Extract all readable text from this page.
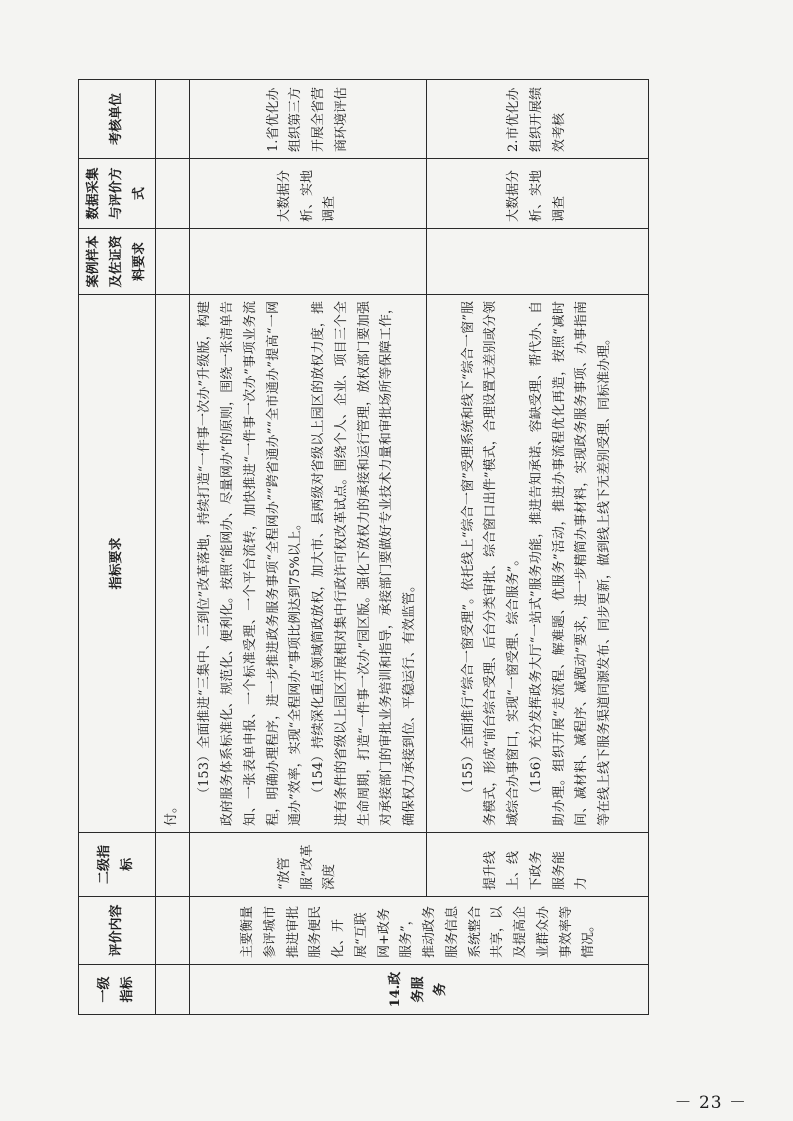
一级指标	评价内容	二级指标	指标要求	案例样本及佐证资料要求	数据采集与评价方式	考核单位
			付。			
14.政务服务	主要衡量参评城市推进审批服务便民化、开展“互联网+政务服务”，推动政务服务信息系统整合共享，以及提高企业群众办事效率等情况。	“放管服”改革深度	（153）全面推进“三集中、三到位”改革落地，持续打造“一件事一次办”升级版，构建政府服务体系标准化、规范化、便利化。按照“能网办、尽量网办”的原则，围绕一张清单告知、一张表单申报、一个标准受理、一个平台流转，加快推进“一件事一次办”事项业务流程，明确办理程序，进一步推进政务服务事项“全程网办”“跨省通办”“全市通办”提高“一网通办”效率，实现“全程网办”事项比例达到75%以上。 （154）持续深化重点领域简政放权，加大市、县两级对省级以上园区的放权力度，推进有条件的省级以上园区开展相对集中行政许可权改革试点。围绕个人、企业、项目三个全生命周期，打造“一件事一次办”园区版。强化下放权力的承接和运行管理，放权部门要加强对承接部门的审批业务培训和指导，承接部门要做好专业技术力量和审批场所等保障工作，确保权力承接到位、平稳运行、有效监管。		大数据分析、实地调查	1.省优化办组织第三方开展全省营商环境评估
		提升线上、线下政务服务能力	（155）全面推行“综合一窗受理”。依托线上“综合一窗”受理系统和线下“综合一窗”服务模式，形成“前台综合受理、后台分类审批、综合窗口出件”模式，合理设置无差别或分领域综合办事窗口，实现“一窗受理、综合服务”。 （156）充分发挥政务大厅“一站式”服务功能，推进告知承诺、容缺受理、帮代办、自助办理。组织开展“走流程、解难题、优服务”活动，推进办事流程优化再造，按照“减时间、减材料、减程序、减跑动”要求，进一步精简办事材料，实现政务服务事项、办事指南等在线上线下服务渠道同源发布、同步更新，做到线上线下无差别受理、同标准办理。		大数据分析、实地调查	2.市优化办组织开展绩效考核
－ 23 －
